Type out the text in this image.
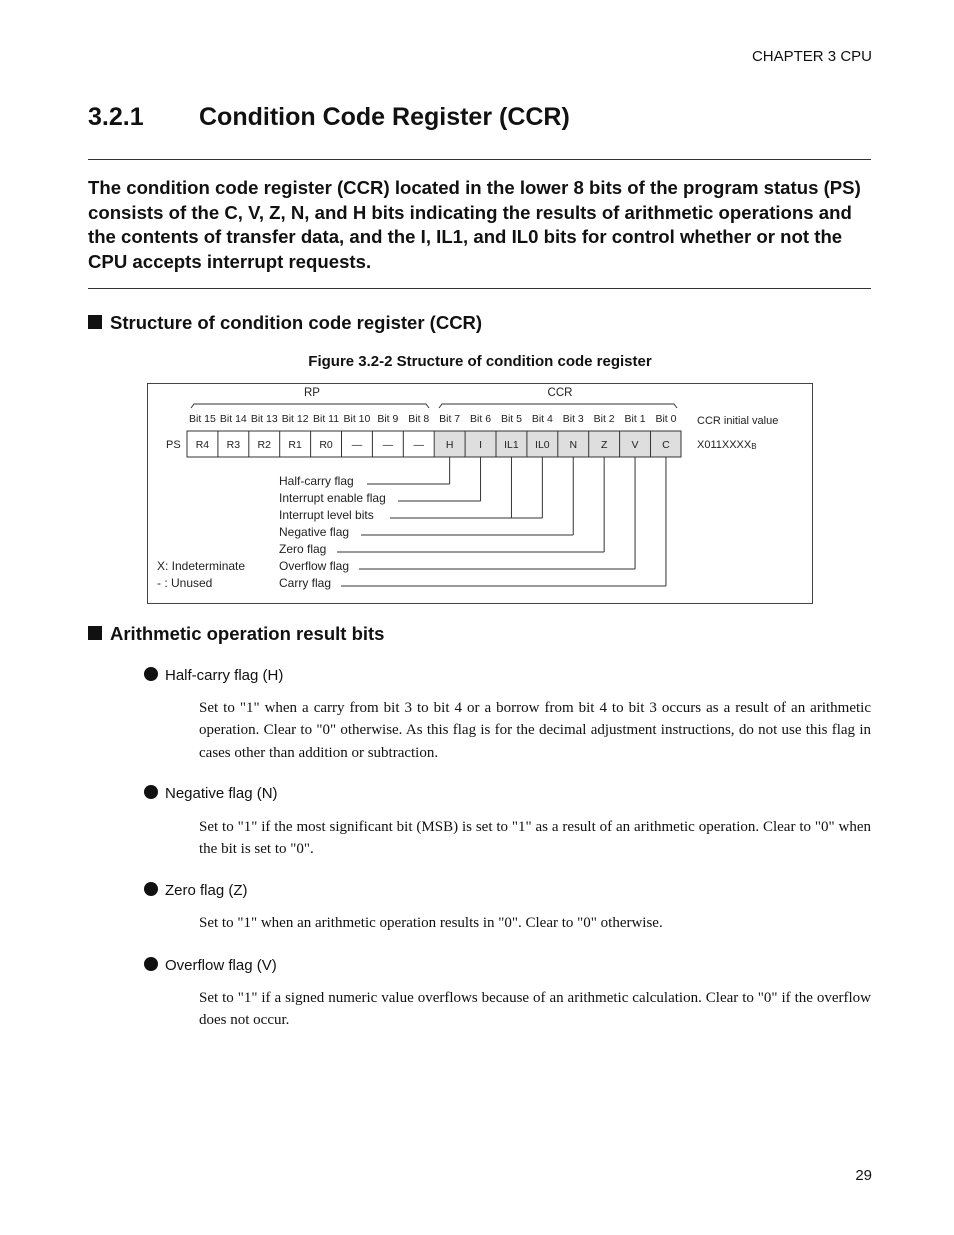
CHAPTER 3 CPU
3.2.1 Condition Code Register (CCR)
The condition code register (CCR) located in the lower 8 bits of the program status (PS) consists of the C, V, Z, N, and H bits indicating the results of arithmetic operations and the contents of transfer data, and the I, IL1, and IL0 bits for control whether or not the CPU accepts interrupt requests.
Structure of condition code register (CCR)
Figure 3.2-2 Structure of condition code register
RP	CCR
Bit 15 Bit 14 Bit 13 Bit 12 Bit 11 Bit 10 Bit 9 Bit 8 Bit 7 Bit 6 Bit 5 Bit 4 Bit 3 Bit 2 Bit 1 Bit 0
PS R4 R3 R2 R1 R0 — — — H I IL1 IL0 N Z V C
CCR initial value
X011XXXXB
Half-carry flag
Interrupt enable flag
Interrupt level bits
Negative flag
Zero flag
Overflow flag
Carry flag
X: Indeterminate
- : Unused
Arithmetic operation result bits
Half-carry flag (H)
Set to "1" when a carry from bit 3 to bit 4 or a borrow from bit 4 to bit 3 occurs as a result of an arithmetic operation. Clear to "0" otherwise. As this flag is for the decimal adjustment instructions, do not use this flag in cases other than addition or subtraction.
Negative flag (N)
Set to "1" if the most significant bit (MSB) is set to "1" as a result of an arithmetic operation. Clear to "0" when the bit is set to "0".
Zero flag (Z)
Set to "1" when an arithmetic operation results in "0". Clear to "0" otherwise.
Overflow flag (V)
Set to "1" if a signed numeric value overflows because of an arithmetic calculation. Clear to "0" if the overflow does not occur.
29
